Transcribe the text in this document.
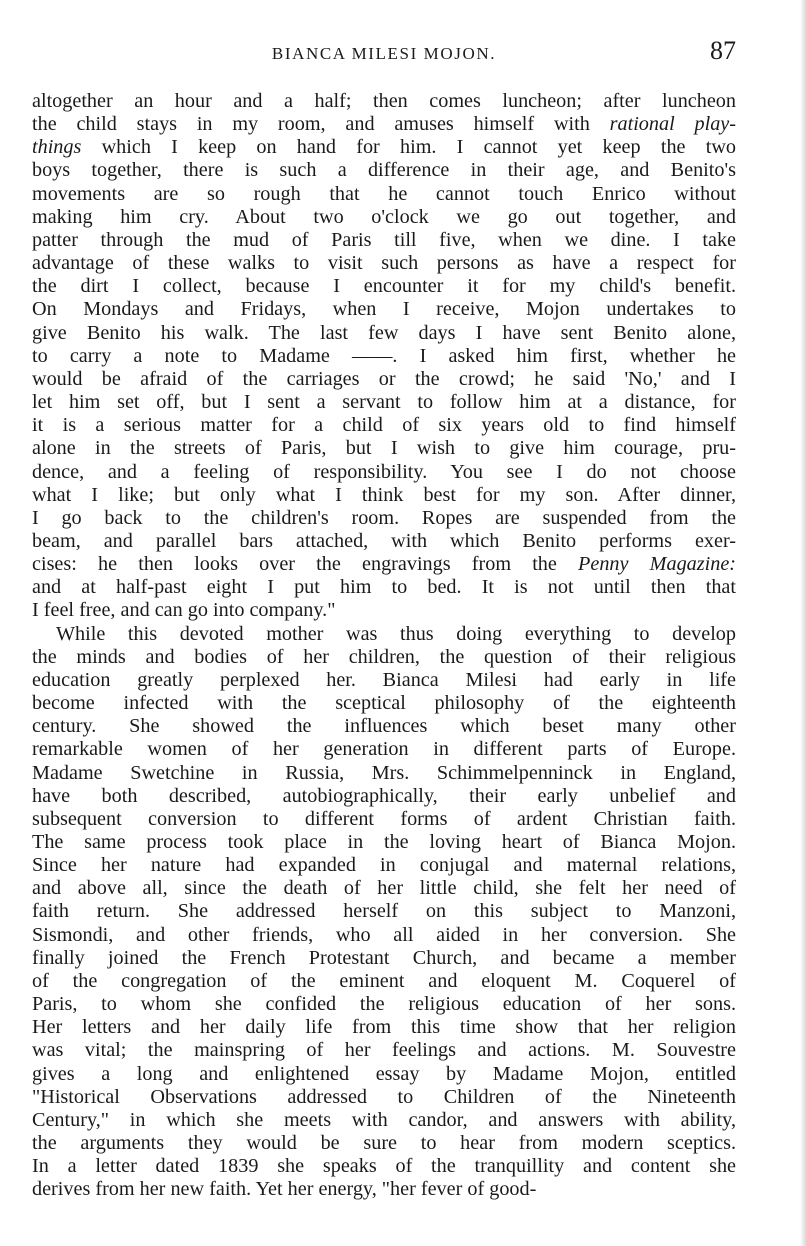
BIANCA MILESI MOJON.	87

altogether an hour and a half; then comes luncheon; after luncheon
the child stays in my room, and amuses himself with rational play-
things which I keep on hand for him. I cannot yet keep the two
boys together, there is such a difference in their age, and Benito's
movements are so rough that he cannot touch Enrico without
making him cry. About two o'clock we go out together, and
patter through the mud of Paris till five, when we dine. I take
advantage of these walks to visit such persons as have a respect for
the dirt I collect, because I encounter it for my child's benefit.
On Mondays and Fridays, when I receive, Mojon undertakes to
give Benito his walk. The last few days I have sent Benito alone,
to carry a note to Madame ——. I asked him first, whether he
would be afraid of the carriages or the crowd; he said 'No,' and I
let him set off, but I sent a servant to follow him at a distance, for
it is a serious matter for a child of six years old to find himself
alone in the streets of Paris, but I wish to give him courage, pru-
dence, and a feeling of responsibility. You see I do not choose
what I like; but only what I think best for my son. After dinner,
I go back to the children's room. Ropes are suspended from the
beam, and parallel bars attached, with which Benito performs exer-
cises: he then looks over the engravings from the Penny Magazine:
and at half-past eight I put him to bed. It is not until then that
I feel free, and can go into company."

While this devoted mother was thus doing everything to develop
the minds and bodies of her children, the question of their religious
education greatly perplexed her. Bianca Milesi had early in life
become infected with the sceptical philosophy of the eighteenth
century. She showed the influences which beset many other
remarkable women of her generation in different parts of Europe.
Madame Swetchine in Russia, Mrs. Schimmelpenninck in England,
have both described, autobiographically, their early unbelief and
subsequent conversion to different forms of ardent Christian faith.
The same process took place in the loving heart of Bianca Mojon.
Since her nature had expanded in conjugal and maternal relations,
and above all, since the death of her little child, she felt her need of
faith return. She addressed herself on this subject to Manzoni,
Sismondi, and other friends, who all aided in her conversion. She
finally joined the French Protestant Church, and became a member
of the congregation of the eminent and eloquent M. Coquerel of
Paris, to whom she confided the religious education of her sons.
Her letters and her daily life from this time show that her religion
was vital; the mainspring of her feelings and actions. M. Souvestre
gives a long and enlightened essay by Madame Mojon, entitled
"Historical Observations addressed to Children of the Nineteenth
Century," in which she meets with candor, and answers with ability,
the arguments they would be sure to hear from modern sceptics.
In a letter dated 1839 she speaks of the tranquillity and content she
derives from her new faith. Yet her energy, "her fever of good-
